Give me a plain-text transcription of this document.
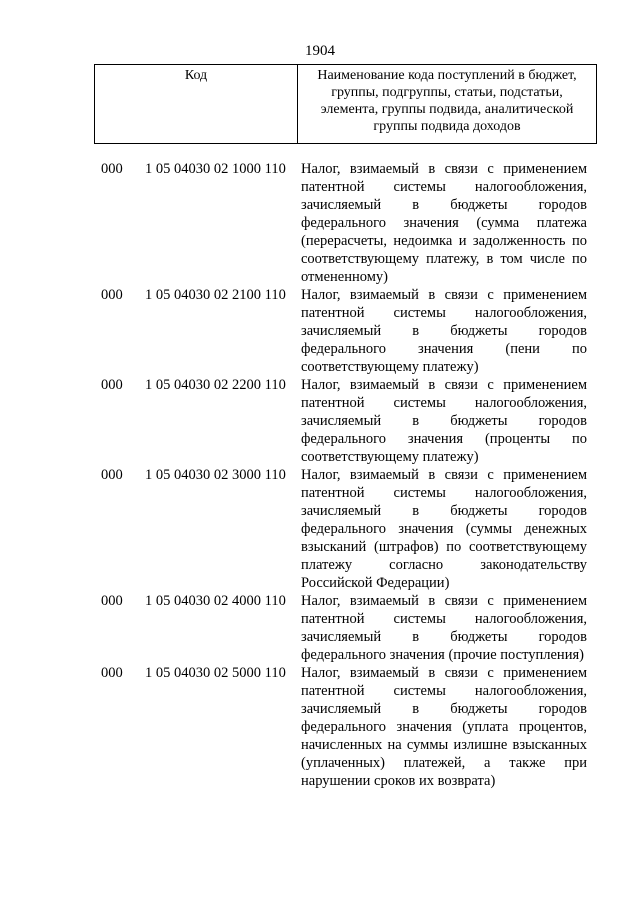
1904
Код	Наименование кода поступлений в бюджет, группы, подгруппы, статьи, подстатьи, элемента, группы подвида, аналитической группы подвида доходов
000 1 05 04030 02 1000 110 Налог, взимаемый в связи с применением патентной системы налогообложения, зачисляемый в бюджеты городов федерального значения (сумма платежа (перерасчеты, недоимка и задолженность по соответствующему платежу, в том числе по отмененному)
000 1 05 04030 02 2100 110 Налог, взимаемый в связи с применением патентной системы налогообложения, зачисляемый в бюджеты городов федерального значения (пени по соответствующему платежу)
000 1 05 04030 02 2200 110 Налог, взимаемый в связи с применением патентной системы налогообложения, зачисляемый в бюджеты городов федерального значения (проценты по соответствующему платежу)
000 1 05 04030 02 3000 110 Налог, взимаемый в связи с применением патентной системы налогообложения, зачисляемый в бюджеты городов федерального значения (суммы денежных взысканий (штрафов) по соответствующему платежу согласно законодательству Российской Федерации)
000 1 05 04030 02 4000 110 Налог, взимаемый в связи с применением патентной системы налогообложения, зачисляемый в бюджеты городов федерального значения (прочие поступления)
000 1 05 04030 02 5000 110 Налог, взимаемый в связи с применением патентной системы налогообложения, зачисляемый в бюджеты городов федерального значения (уплата процентов, начисленных на суммы излишне взысканных (уплаченных) платежей, а также при нарушении сроков их возврата)
